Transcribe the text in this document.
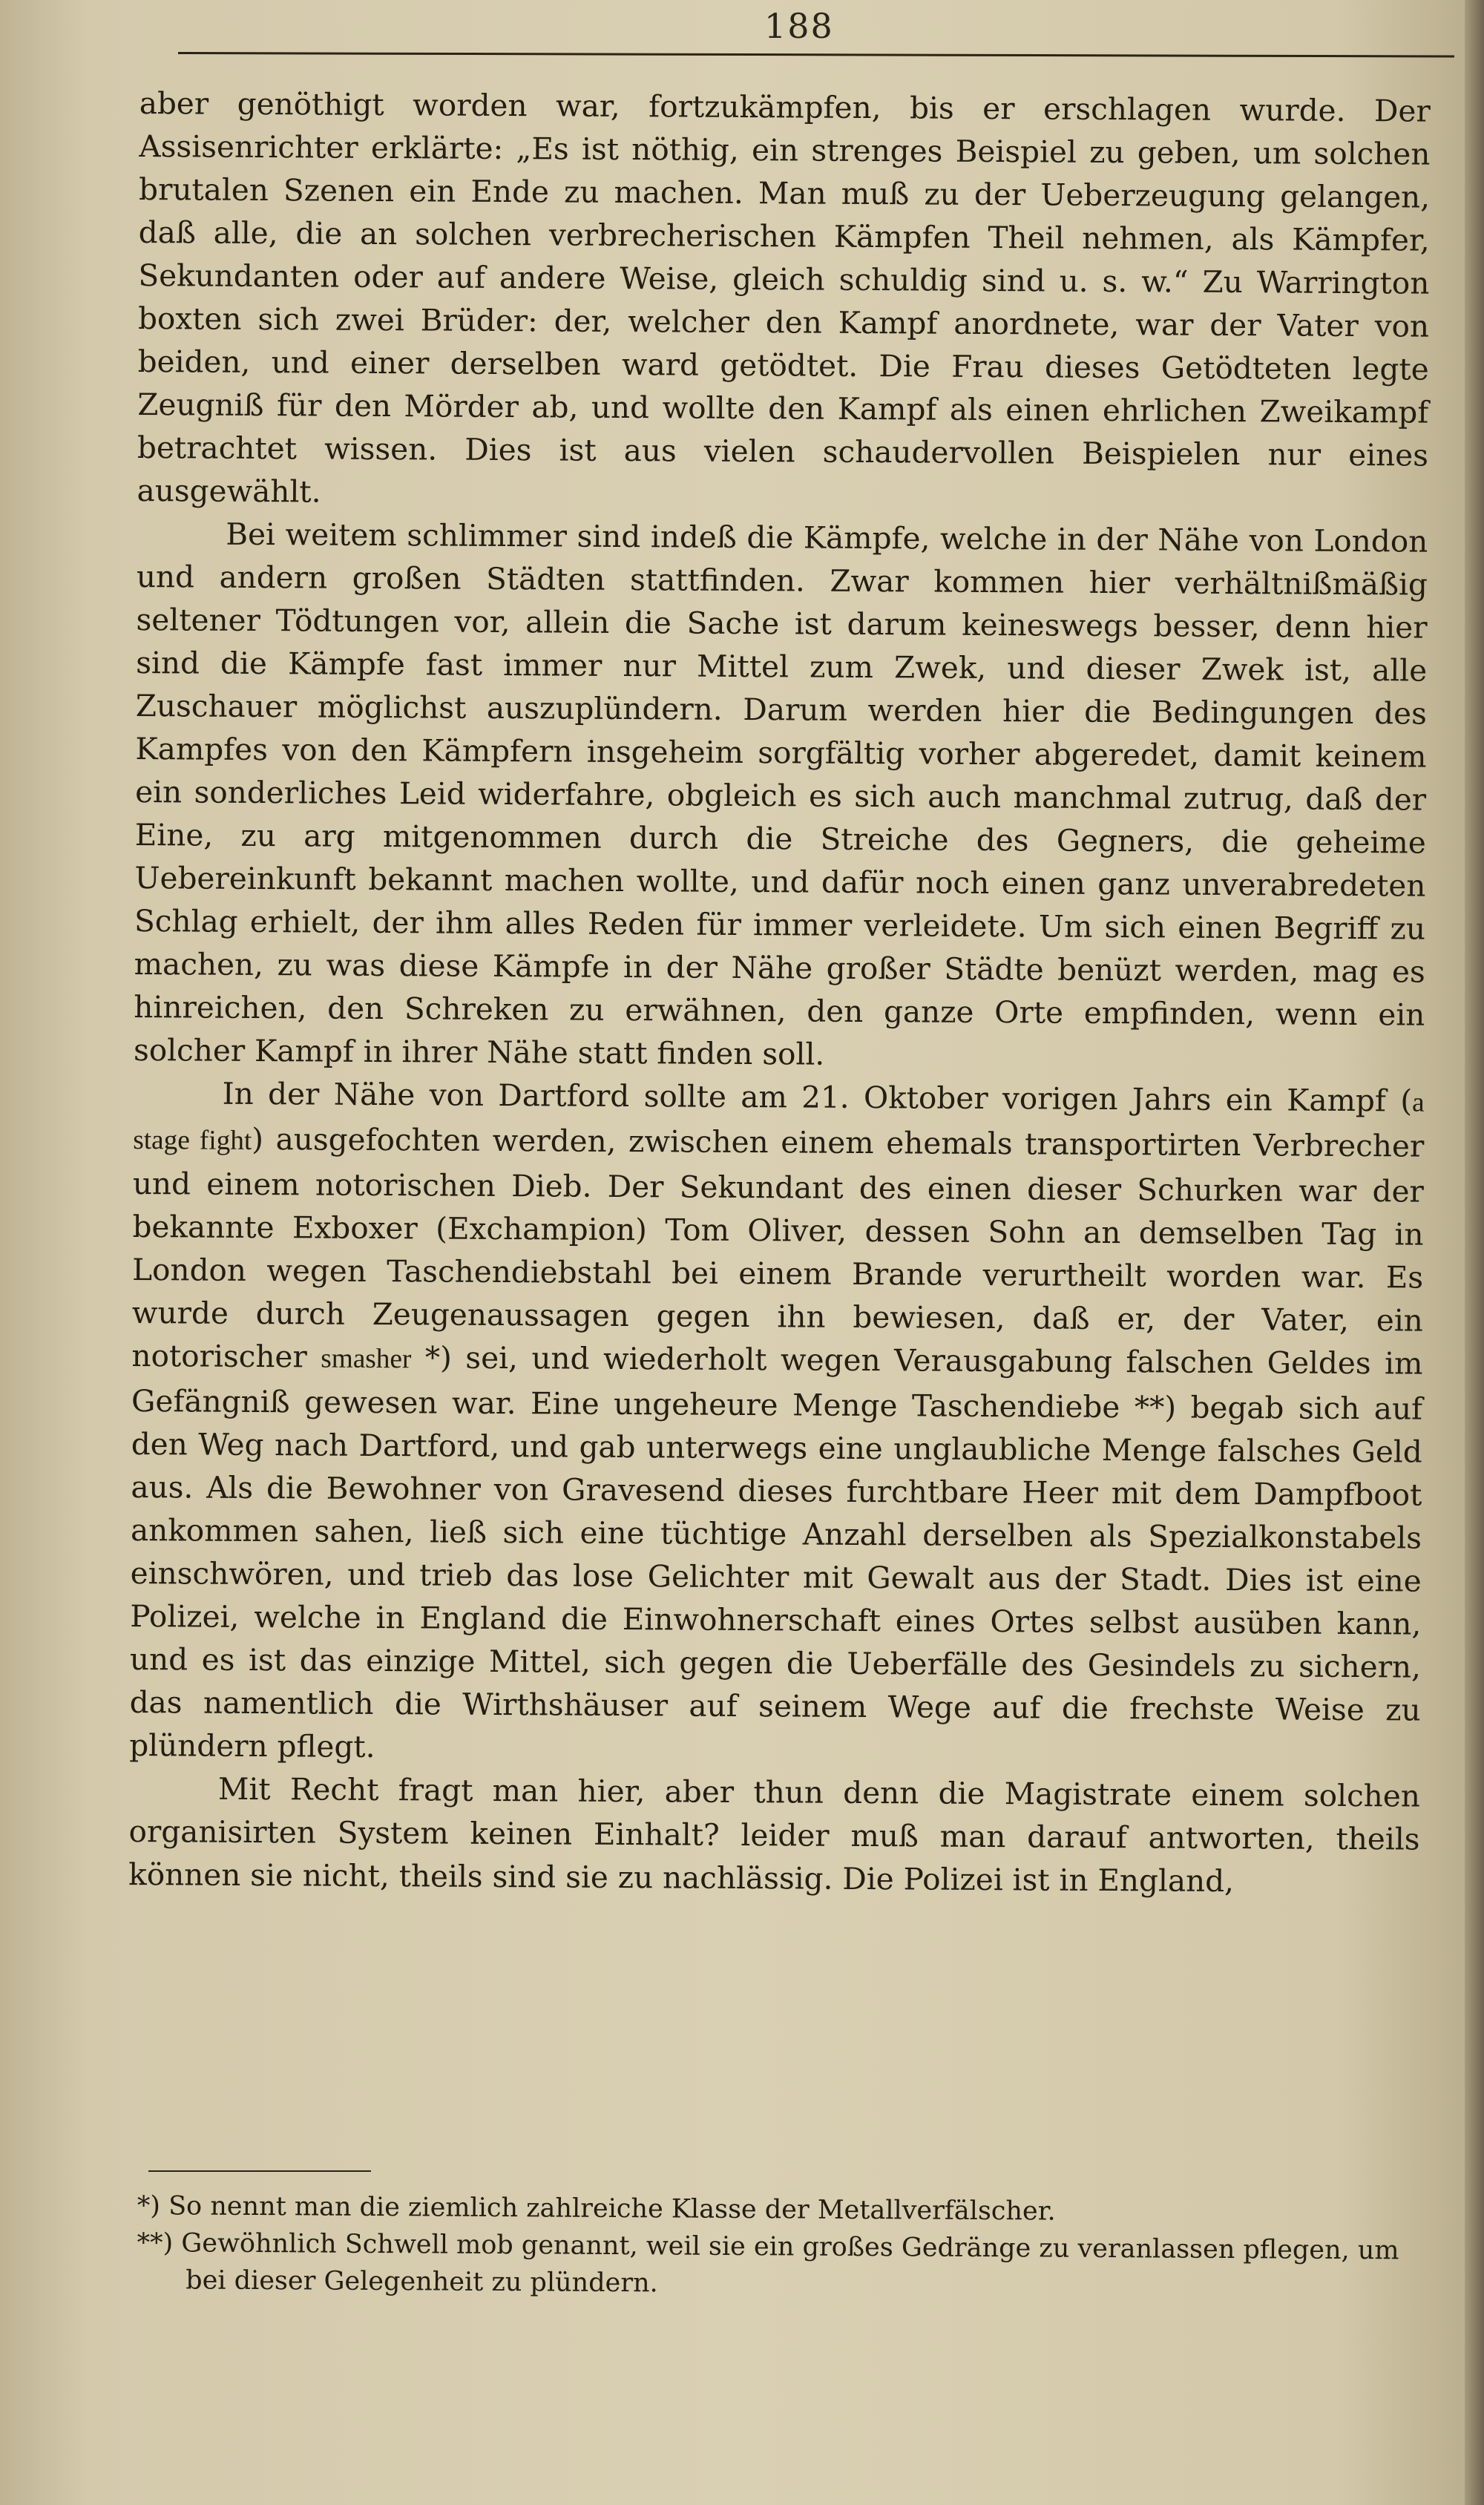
188

aber genöthigt worden war, fortzukämpfen, bis er erschlagen wurde. Der Assisenrichter erklärte: „Es ist nöthig, ein strenges Beispiel zu geben, um solchen brutalen Szenen ein Ende zu machen. Man muß zu der Ueberzeugung gelangen, daß alle, die an solchen verbrecherischen Kämpfen Theil nehmen, als Kämpfer, Sekundanten oder auf andere Weise, gleich schuldig sind u. s. w.“ Zu Warrington boxten sich zwei Brüder: der, welcher den Kampf anordnete, war der Vater von beiden, und einer derselben ward getödtet. Die Frau dieses Getödteten legte Zeugniß für den Mörder ab, und wollte den Kampf als einen ehrlichen Zweikampf betrachtet wissen. Dies ist aus vielen schaudervollen Beispielen nur eines ausgewählt.

Bei weitem schlimmer sind indeß die Kämpfe, welche in der Nähe von London und andern großen Städten stattfinden. Zwar kommen hier verhältnißmäßig seltener Tödtungen vor, allein die Sache ist darum keineswegs besser, denn hier sind die Kämpfe fast immer nur Mittel zum Zwek, und dieser Zwek ist, alle Zuschauer möglichst auszuplündern. Darum werden hier die Bedingungen des Kampfes von den Kämpfern insgeheim sorgfältig vorher abgeredet, damit keinem ein sonderliches Leid widerfahre, obgleich es sich auch manchmal zutrug, daß der Eine, zu arg mitgenommen durch die Streiche des Gegners, die geheime Uebereinkunft bekannt machen wollte, und dafür noch einen ganz unverabredeten Schlag erhielt, der ihm alles Reden für immer verleidete. Um sich einen Begriff zu machen, zu was diese Kämpfe in der Nähe großer Städte benüzt werden, mag es hinreichen, den Schreken zu erwähnen, den ganze Orte empfinden, wenn ein solcher Kampf in ihrer Nähe statt finden soll.

In der Nähe von Dartford sollte am 21. Oktober vorigen Jahrs ein Kampf (a stage fight) ausgefochten werden, zwischen einem ehemals transportirten Verbrecher und einem notorischen Dieb. Der Sekundant des einen dieser Schurken war der bekannte Exboxer (Exchampion) Tom Oliver, dessen Sohn an demselben Tag in London wegen Taschendiebstahl bei einem Brande verurtheilt worden war. Es wurde durch Zeugenaussagen gegen ihn bewiesen, daß er, der Vater, ein notorischer smasher *) sei, und wiederholt wegen Verausgabung falschen Geldes im Gefängniß gewesen war. Eine ungeheure Menge Taschendiebe **) begab sich auf den Weg nach Dartford, und gab unterwegs eine unglaubliche Menge falsches Geld aus. Als die Bewohner von Gravesend dieses furchtbare Heer mit dem Dampfboot ankommen sahen, ließ sich eine tüchtige Anzahl derselben als Spezialkonstabels einschwören, und trieb das lose Gelichter mit Gewalt aus der Stadt. Dies ist eine Polizei, welche in England die Einwohnerschaft eines Ortes selbst ausüben kann, und es ist das einzige Mittel, sich gegen die Ueberfälle des Gesindels zu sichern, das namentlich die Wirthshäuser auf seinem Wege auf die frechste Weise zu plündern pflegt.

Mit Recht fragt man hier, aber thun denn die Magistrate einem solchen organisirten System keinen Einhalt? leider muß man darauf antworten, theils können sie nicht, theils sind sie zu nachlässig. Die Polizei ist in England,

*) So nennt man die ziemlich zahlreiche Klasse der Metallverfälscher.

**) Gewöhnlich Schwell mob genannt, weil sie ein großes Gedränge zu veranlassen pflegen, um bei dieser Gelegenheit zu plündern.
